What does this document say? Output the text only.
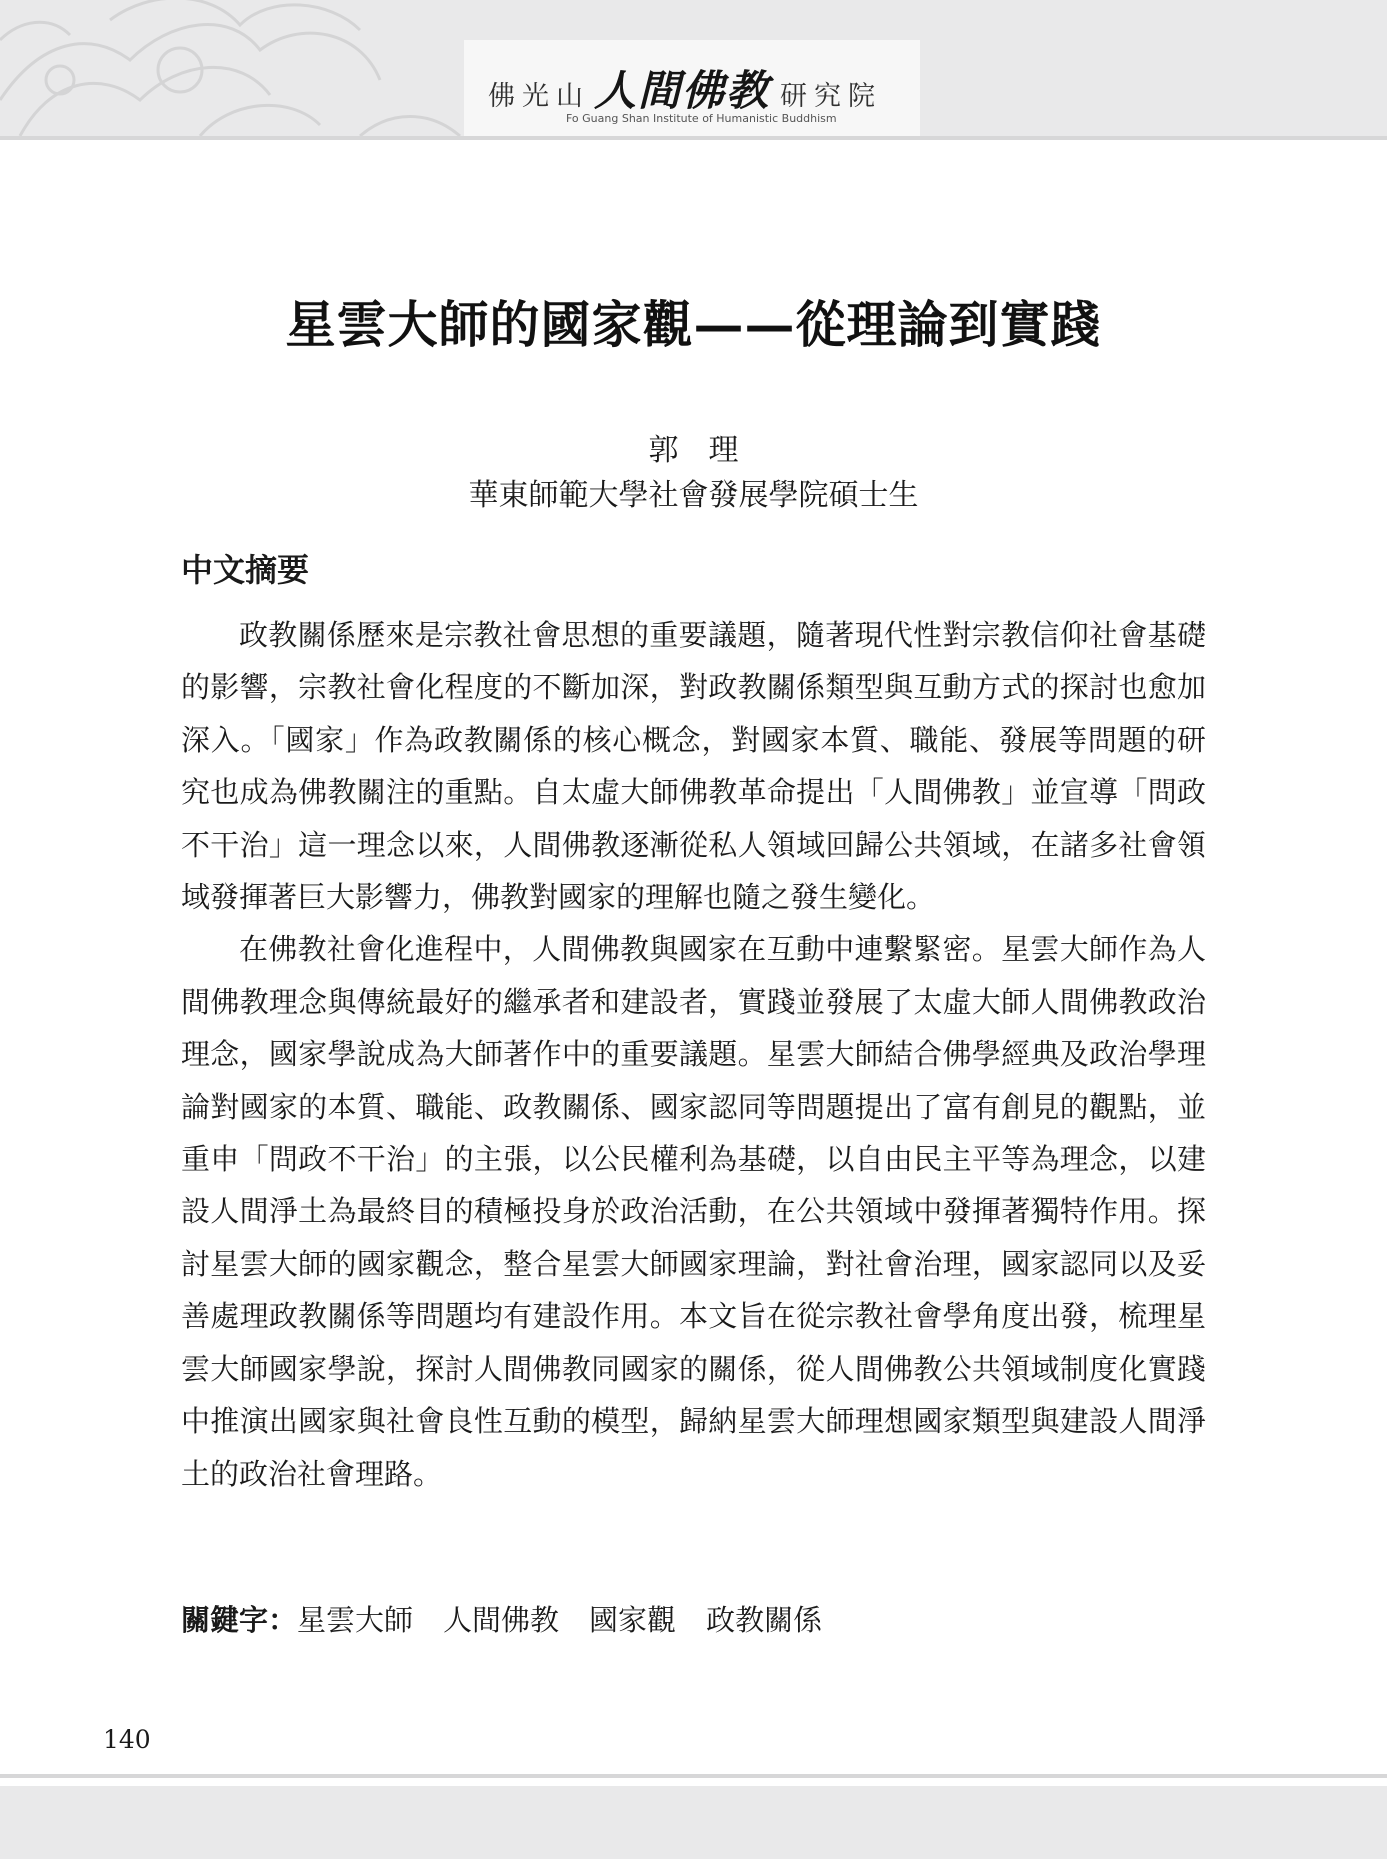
佛光山 人間佛教 研究院
Fo Guang Shan Institute of Humanistic Buddhism
星雲大師的國家觀——從理論到實踐
郭理
華東師範大學社會發展學院碩士生
中文摘要

政教關係歷來是宗教社會思想的重要議題，隨著現代性對宗教信仰社會基礎的影響，宗教社會化程度的不斷加深，對政教關係類型與互動方式的探討也愈加深入。「國家」作為政教關係的核心概念，對國家本質、職能、發展等問題的研究也成為佛教關注的重點。自太虛大師佛教革命提出「人間佛教」並宣導「問政不干治」這一理念以來，人間佛教逐漸從私人領域回歸公共領域，在諸多社會領域發揮著巨大影響力，佛教對國家的理解也隨之發生變化。

在佛教社會化進程中，人間佛教與國家在互動中連繫緊密。星雲大師作為人間佛教理念與傳統最好的繼承者和建設者，實踐並發展了太虛大師人間佛教政治理念，國家學說成為大師著作中的重要議題。星雲大師結合佛學經典及政治學理論對國家的本質、職能、政教關係、國家認同等問題提出了富有創見的觀點，並重申「問政不干治」的主張，以公民權利為基礎，以自由民主平等為理念，以建設人間淨土為最終目的積極投身於政治活動，在公共領域中發揮著獨特作用。探討星雲大師的國家觀念，整合星雲大師國家理論，對社會治理，國家認同以及妥善處理政教關係等問題均有建設作用。本文旨在從宗教社會學角度出發，梳理星雲大師國家學說，探討人間佛教同國家的關係，從人間佛教公共領域制度化實踐中推演出國家與社會良性互動的模型，歸納星雲大師理想國家類型與建設人間淨土的政治社會理路。

關鍵字：星雲大師 人間佛教 國家觀 政教關係
140
